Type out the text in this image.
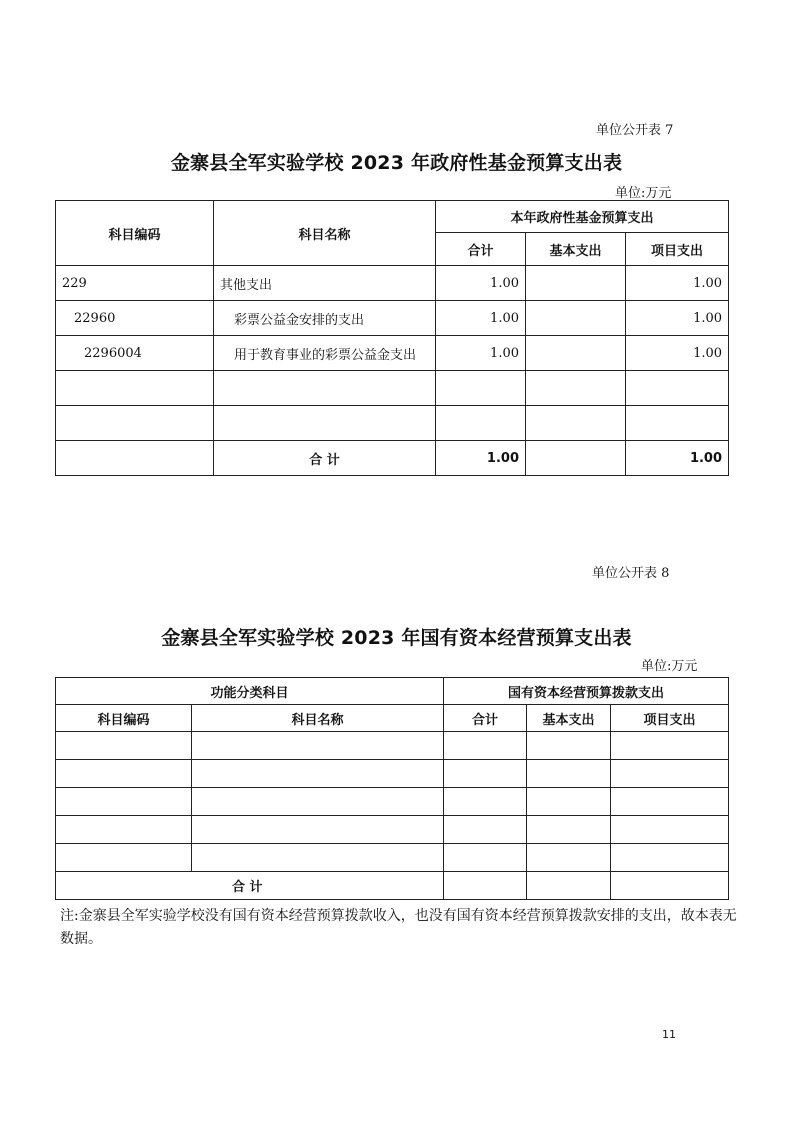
单位公开表 7
金寨县全军实验学校 2023 年政府性基金预算支出表
单位:万元
科目编码	科目名称	本年政府性基金预算支出		
		合计	基本支出	项目支出
229	其他支出	1.00		1.00
22960	彩票公益金安排的支出	1.00		1.00
2296004	用于教育事业的彩票公益金支出	1.00		1.00

	合 计	1.00		1.00
单位公开表 8
金寨县全军实验学校 2023 年国有资本经营预算支出表
单位:万元
功能分类科目		国有资本经营预算拨款支出		
科目编码	科目名称	合计	基本支出	项目支出

合 计				
注:金寨县全军实验学校没有国有资本经营预算拨款收入，也没有国有资本经营预算拨款安排的支出，故本表无数据。
11
